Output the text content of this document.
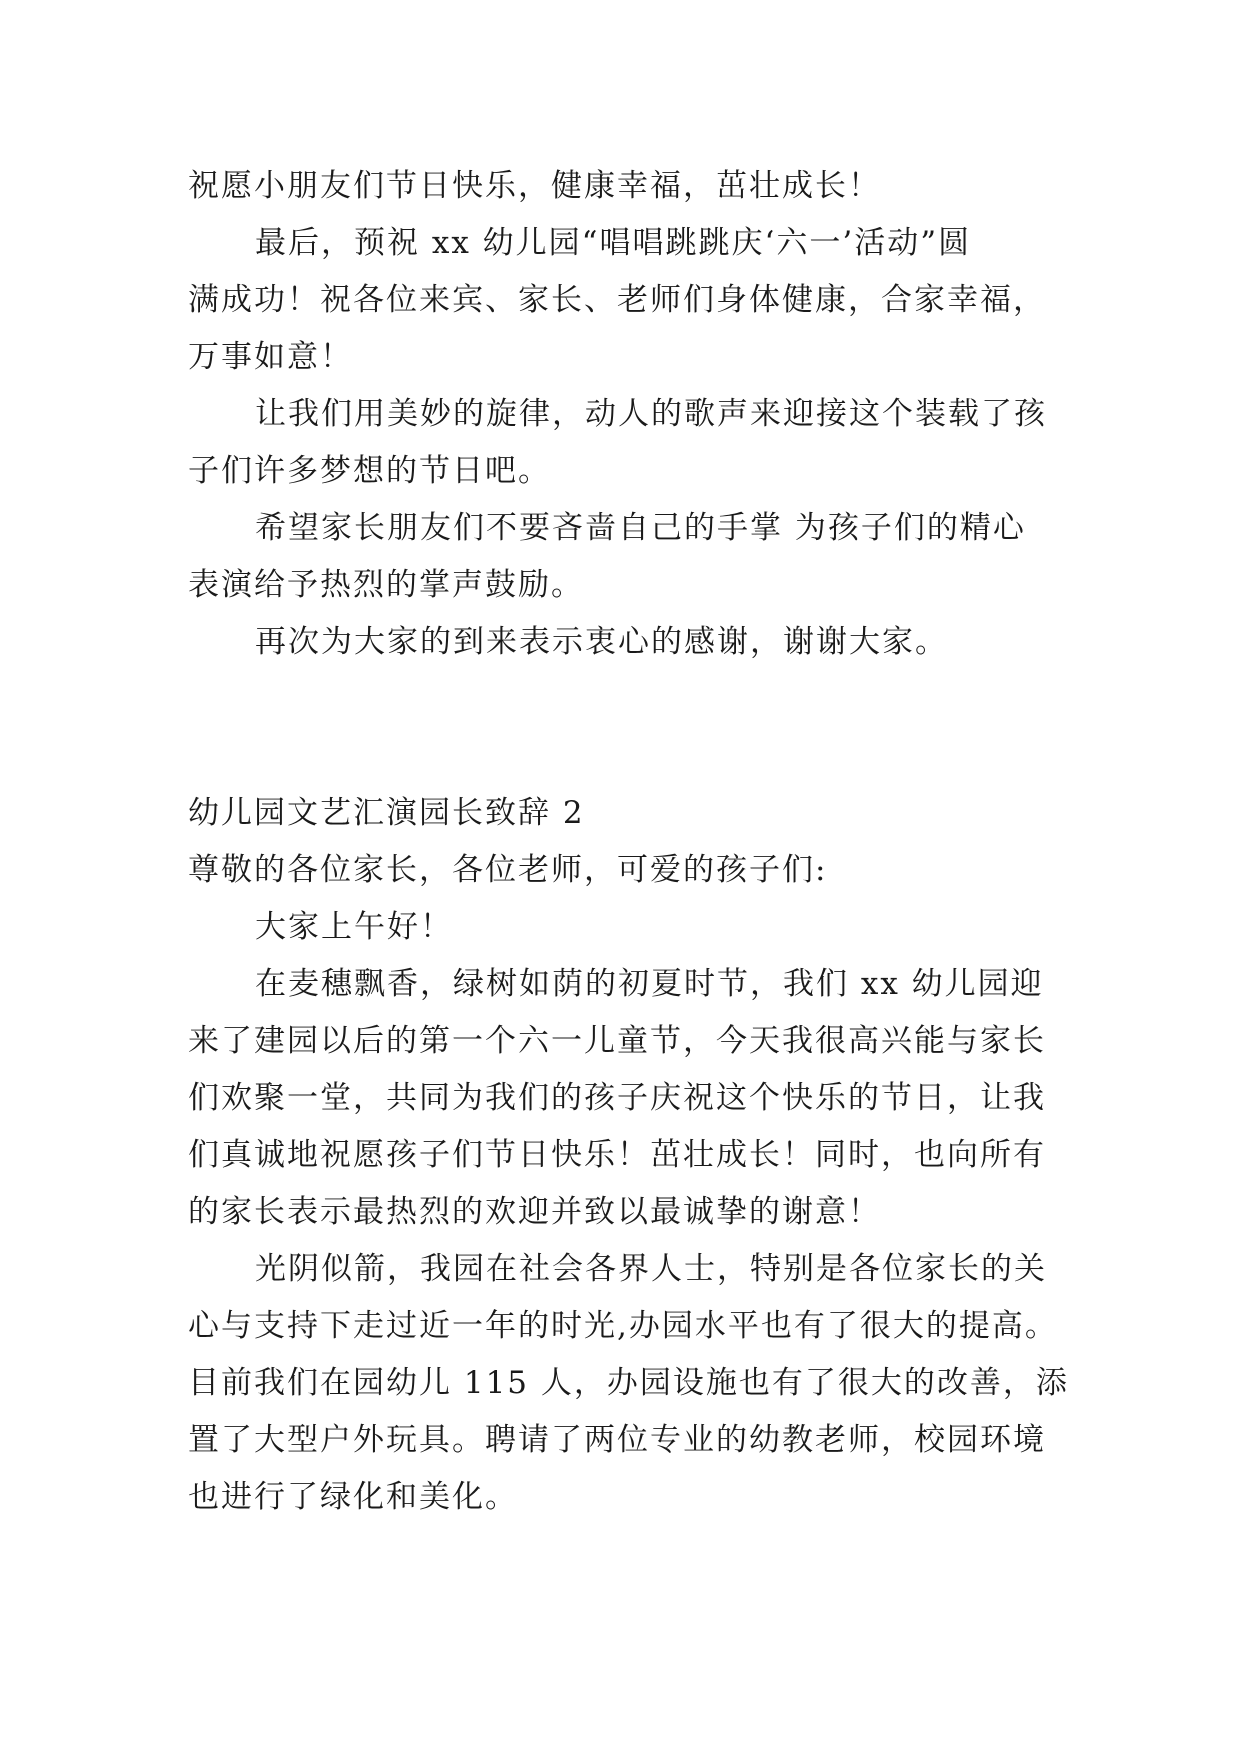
祝愿小朋友们节日快乐，健康幸福，茁壮成长！
最后，预祝 xx 幼儿园“唱唱跳跳庆‘六一’活动”圆
满成功！祝各位来宾、家长、老师们身体健康，合家幸福，
万事如意！
让我们用美妙的旋律，动人的歌声来迎接这个装载了孩
子们许多梦想的节日吧。
希望家长朋友们不要吝啬自己的手掌 为孩子们的精心
表演给予热烈的掌声鼓励。
再次为大家的到来表示衷心的感谢，谢谢大家。
幼儿园文艺汇演园长致辞 2
尊敬的各位家长，各位老师，可爱的孩子们:
大家上午好！
在麦穗飘香，绿树如荫的初夏时节，我们 xx 幼儿园迎
来了建园以后的第一个六一儿童节，今天我很高兴能与家长
们欢聚一堂，共同为我们的孩子庆祝这个快乐的节日，让我
们真诚地祝愿孩子们节日快乐！茁壮成长！同时，也向所有
的家长表示最热烈的欢迎并致以最诚挚的谢意！
光阴似箭，我园在社会各界人士，特别是各位家长的关
心与支持下走过近一年的时光,办园水平也有了很大的提高。
目前我们在园幼儿 115 人，办园设施也有了很大的改善，添
置了大型户外玩具。聘请了两位专业的幼教老师，校园环境
也进行了绿化和美化。
